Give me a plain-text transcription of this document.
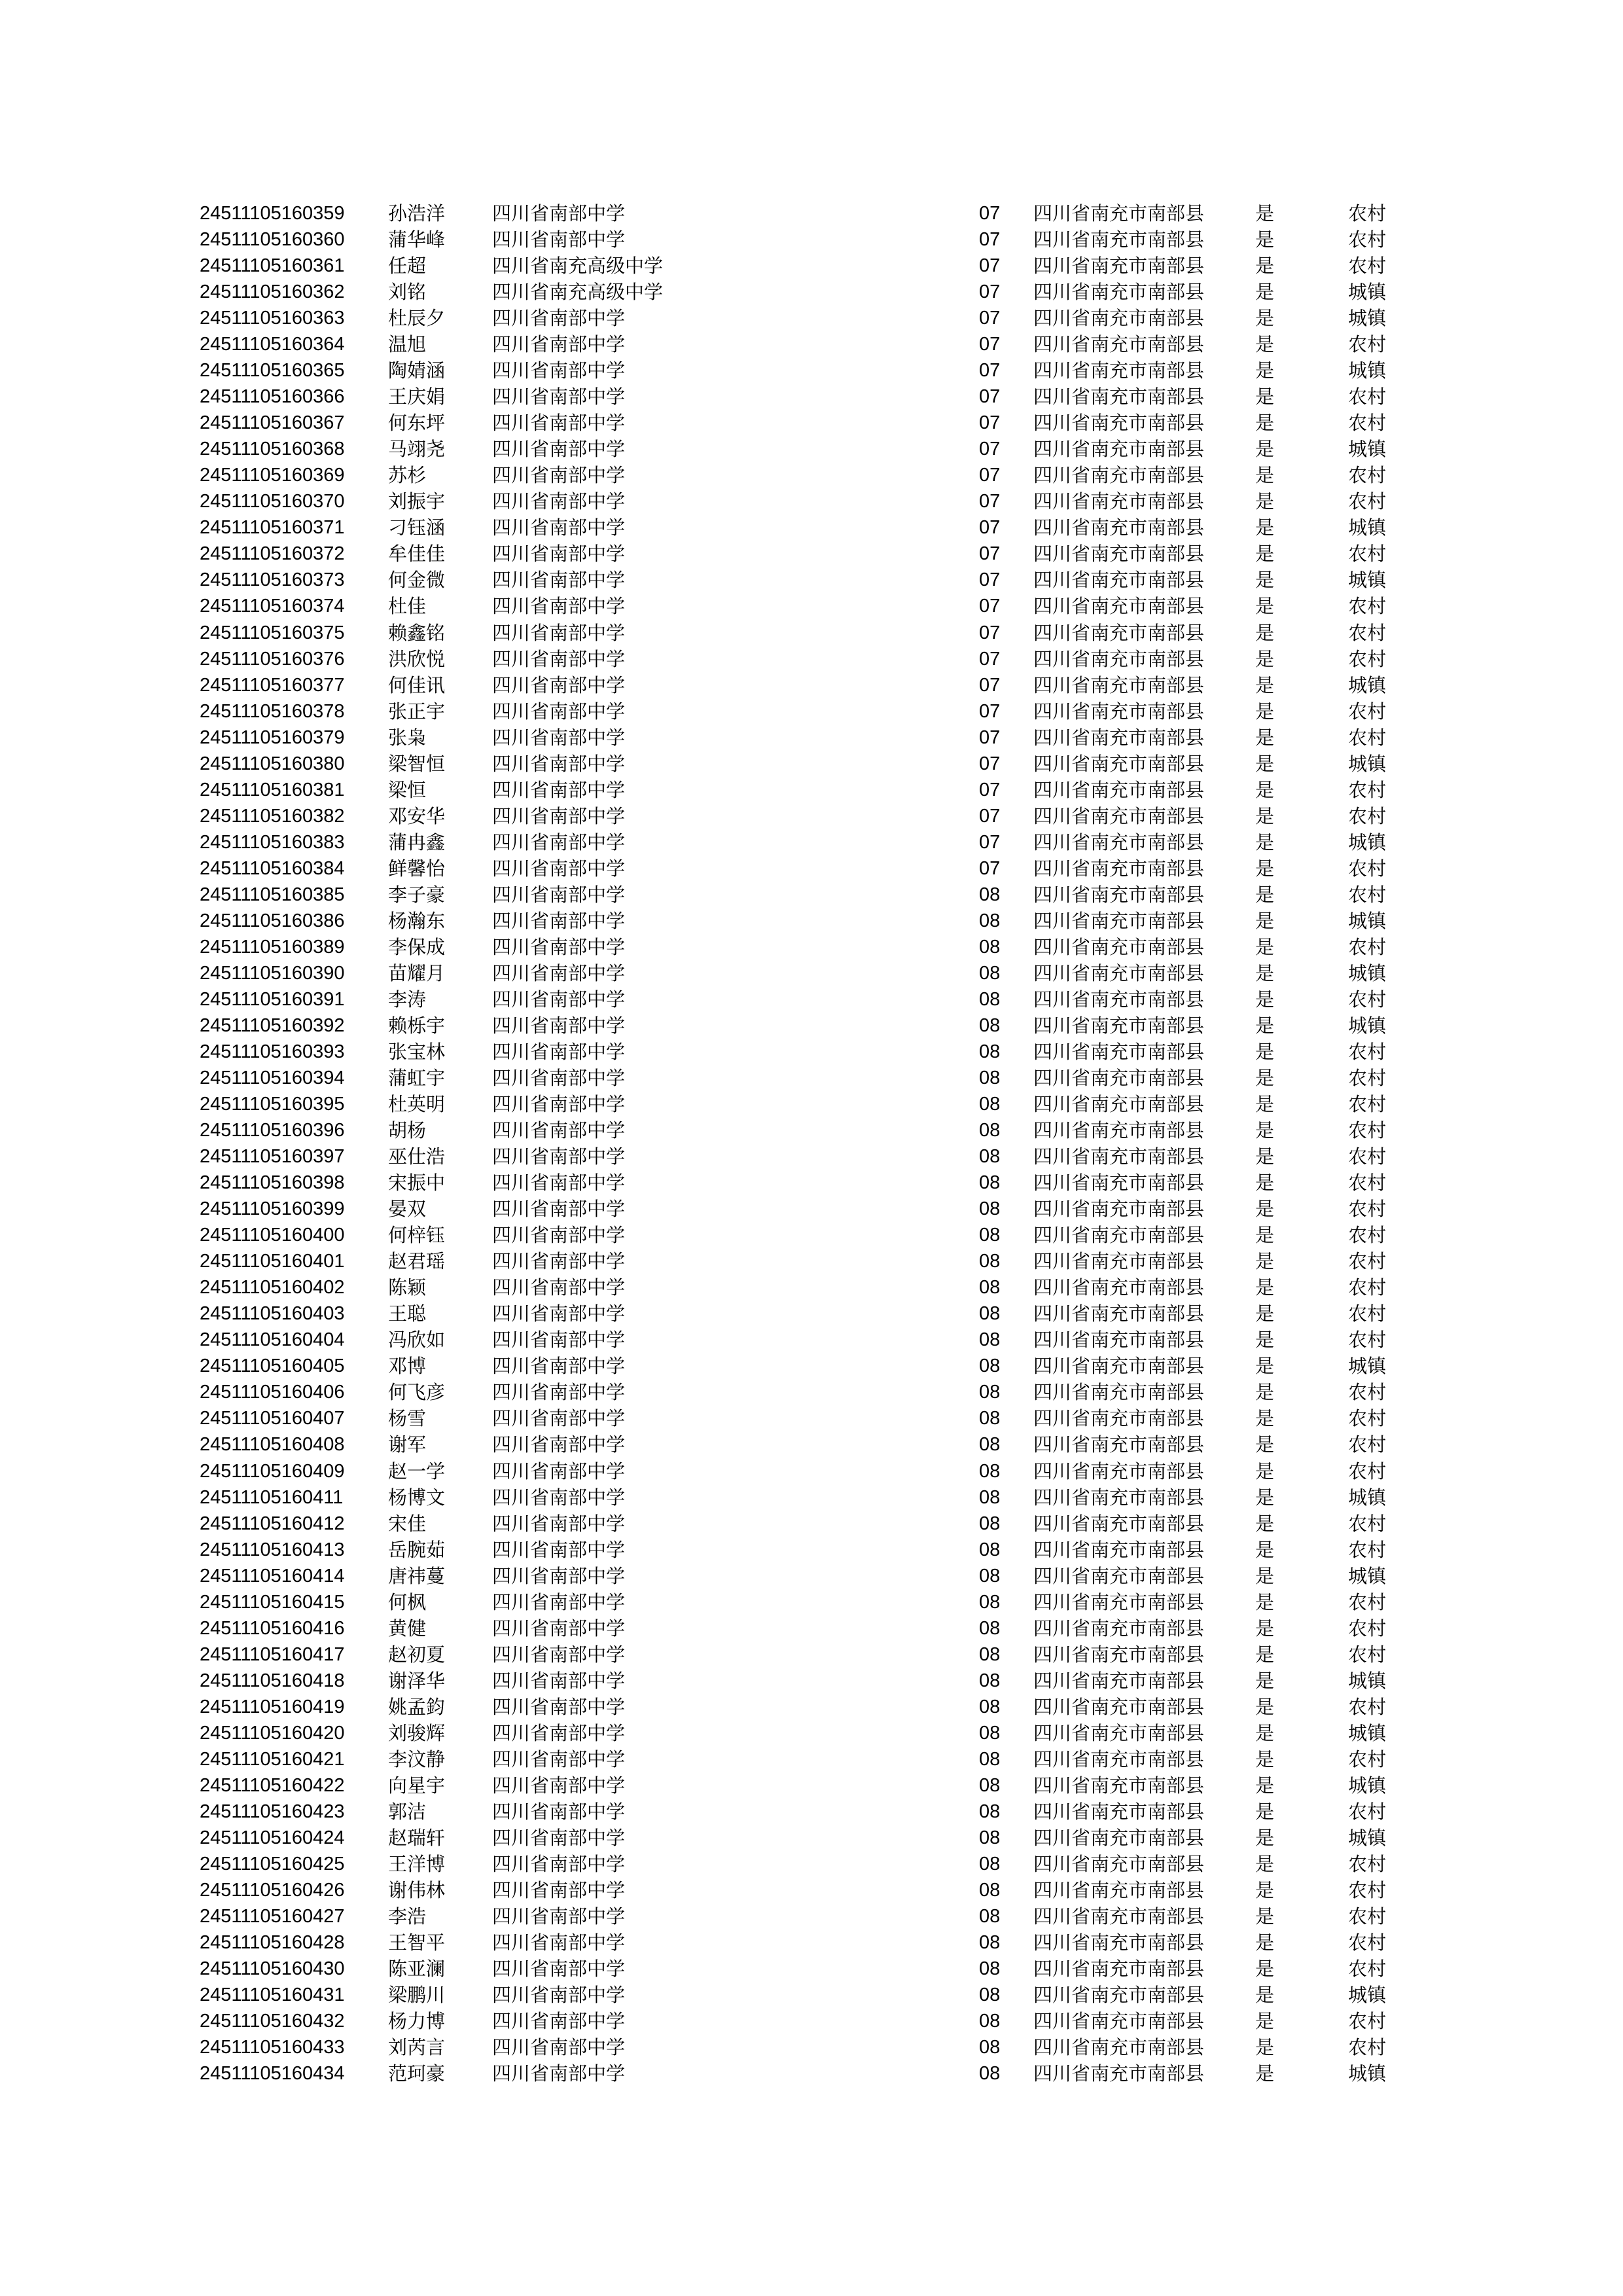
24511105160359 孙浩洋 四川省南部中学	07 四川省南充市南部县	是	农村
24511105160360 蒲华峰 四川省南部中学	07 四川省南充市南部县	是	农村
24511105160361 任超	四川省南充高级中学	07 四川省南充市南部县	是	农村
24511105160362 刘铭	四川省南充高级中学	07 四川省南充市南部县	是	城镇
24511105160363 杜辰夕 四川省南部中学	07 四川省南充市南部县	是	城镇
24511105160364 温旭	四川省南部中学	07 四川省南充市南部县	是	农村
24511105160365 陶婧涵 四川省南部中学	07 四川省南充市南部县	是	城镇
24511105160366 王庆娟 四川省南部中学	07 四川省南充市南部县	是	农村
24511105160367 何东坪 四川省南部中学	07 四川省南充市南部县	是	农村
24511105160368 马翊尧 四川省南部中学	07 四川省南充市南部县	是	城镇
24511105160369 苏杉	四川省南部中学	07 四川省南充市南部县	是	农村
24511105160370 刘振宇 四川省南部中学	07 四川省南充市南部县	是	农村
24511105160371 刁钰涵 四川省南部中学	07 四川省南充市南部县	是	城镇
24511105160372 牟佳佳 四川省南部中学	07 四川省南充市南部县	是	农村
24511105160373 何金微 四川省南部中学	07 四川省南充市南部县	是	城镇
24511105160374 杜佳	四川省南部中学	07 四川省南充市南部县	是	农村
24511105160375 赖鑫铭 四川省南部中学	07 四川省南充市南部县	是	农村
24511105160376 洪欣悦 四川省南部中学	07 四川省南充市南部县	是	农村
24511105160377 何佳讯 四川省南部中学	07 四川省南充市南部县	是	城镇
24511105160378 张正宇 四川省南部中学	07 四川省南充市南部县	是	农村
24511105160379 张枭	四川省南部中学	07 四川省南充市南部县	是	农村
24511105160380 梁智恒 四川省南部中学	07 四川省南充市南部县	是	城镇
24511105160381 梁恒	四川省南部中学	07 四川省南充市南部县	是	农村
24511105160382 邓安华 四川省南部中学	07 四川省南充市南部县	是	农村
24511105160383 蒲冉鑫 四川省南部中学	07 四川省南充市南部县	是	城镇
24511105160384 鲜馨怡 四川省南部中学	07 四川省南充市南部县	是	农村
24511105160385 李子豪 四川省南部中学	08 四川省南充市南部县	是	农村
24511105160386 杨瀚东 四川省南部中学	08 四川省南充市南部县	是	城镇
24511105160389 李保成 四川省南部中学	08 四川省南充市南部县	是	农村
24511105160390 苗耀月 四川省南部中学	08 四川省南充市南部县	是	城镇
24511105160391 李涛	四川省南部中学	08 四川省南充市南部县	是	农村
24511105160392 赖栎宇 四川省南部中学	08 四川省南充市南部县	是	城镇
24511105160393 张宝林 四川省南部中学	08 四川省南充市南部县	是	农村
24511105160394 蒲虹宇 四川省南部中学	08 四川省南充市南部县	是	农村
24511105160395 杜英明 四川省南部中学	08 四川省南充市南部县	是	农村
24511105160396 胡杨	四川省南部中学	08 四川省南充市南部县	是	农村
24511105160397 巫仕浩 四川省南部中学	08 四川省南充市南部县	是	农村
24511105160398 宋振中 四川省南部中学	08 四川省南充市南部县	是	农村
24511105160399 晏双	四川省南部中学	08 四川省南充市南部县	是	农村
24511105160400 何梓钰 四川省南部中学	08 四川省南充市南部县	是	农村
24511105160401 赵君瑶 四川省南部中学	08 四川省南充市南部县	是	农村
24511105160402 陈颖	四川省南部中学	08 四川省南充市南部县	是	农村
24511105160403 王聪	四川省南部中学	08 四川省南充市南部县	是	农村
24511105160404 冯欣如 四川省南部中学	08 四川省南充市南部县	是	农村
24511105160405 邓博	四川省南部中学	08 四川省南充市南部县	是	城镇
24511105160406 何飞彦 四川省南部中学	08 四川省南充市南部县	是	农村
24511105160407 杨雪	四川省南部中学	08 四川省南充市南部县	是	农村
24511105160408 谢军	四川省南部中学	08 四川省南充市南部县	是	农村
24511105160409 赵一学 四川省南部中学	08 四川省南充市南部县	是	农村
24511105160411 杨博文 四川省南部中学	08 四川省南充市南部县	是	城镇
24511105160412 宋佳	四川省南部中学	08 四川省南充市南部县	是	农村
24511105160413 岳腕茹 四川省南部中学	08 四川省南充市南部县	是	农村
24511105160414 唐祎蔓 四川省南部中学	08 四川省南充市南部县	是	城镇
24511105160415 何枫	四川省南部中学	08 四川省南充市南部县	是	农村
24511105160416 黄健	四川省南部中学	08 四川省南充市南部县	是	农村
24511105160417 赵初夏 四川省南部中学	08 四川省南充市南部县	是	农村
24511105160418 谢泽华 四川省南部中学	08 四川省南充市南部县	是	城镇
24511105160419 姚孟鈞 四川省南部中学	08 四川省南充市南部县	是	农村
24511105160420 刘骏辉 四川省南部中学	08 四川省南充市南部县	是	城镇
24511105160421 李汶静 四川省南部中学	08 四川省南充市南部县	是	农村
24511105160422 向星宇 四川省南部中学	08 四川省南充市南部县	是	城镇
24511105160423 郭洁	四川省南部中学	08 四川省南充市南部县	是	农村
24511105160424 赵瑞轩 四川省南部中学	08 四川省南充市南部县	是	城镇
24511105160425 王洋博 四川省南部中学	08 四川省南充市南部县	是	农村
24511105160426 谢伟林 四川省南部中学	08 四川省南充市南部县	是	农村
24511105160427 李浩	四川省南部中学	08 四川省南充市南部县	是	农村
24511105160428 王智平 四川省南部中学	08 四川省南充市南部县	是	农村
24511105160430 陈亚澜 四川省南部中学	08 四川省南充市南部县	是	农村
24511105160431 梁鹏川 四川省南部中学	08 四川省南充市南部县	是	城镇
24511105160432 杨力博 四川省南部中学	08 四川省南充市南部县	是	农村
24511105160433 刘芮言 四川省南部中学	08 四川省南充市南部县	是	农村
24511105160434 范珂豪 四川省南部中学	08 四川省南充市南部县	是	城镇
